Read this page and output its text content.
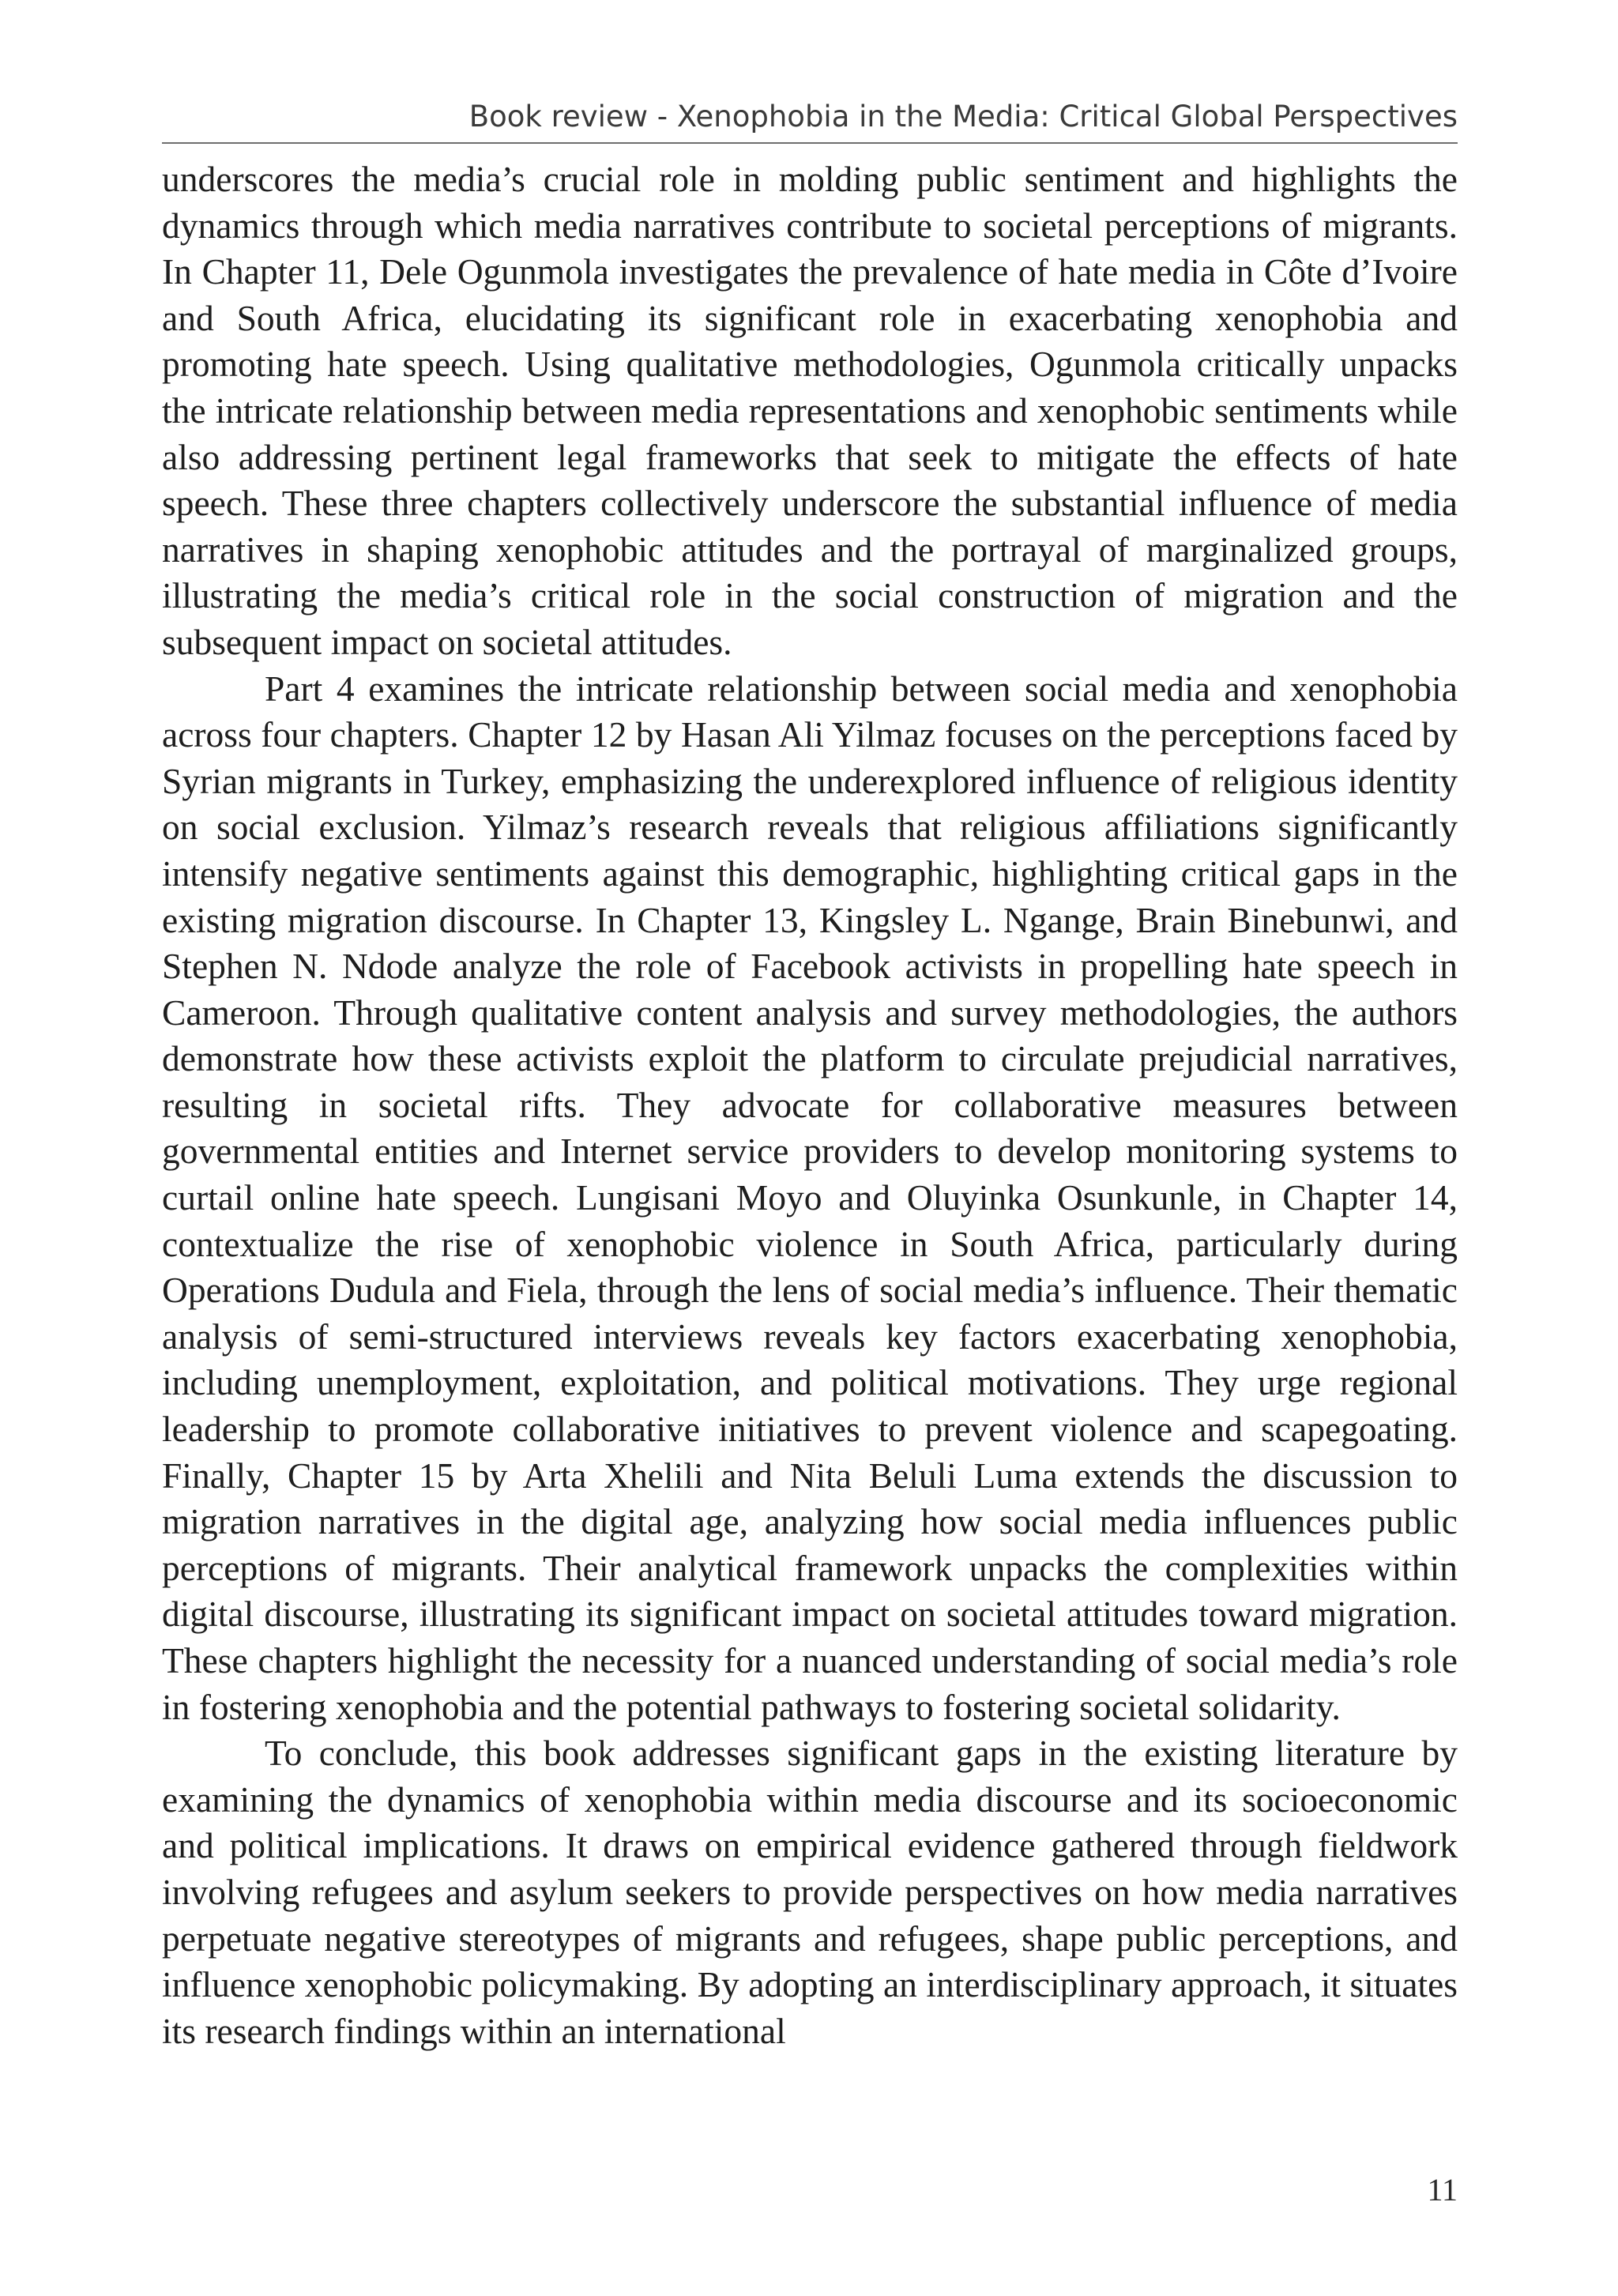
Book review - Xenophobia in the Media: Critical Global Perspectives

underscores the media’s crucial role in molding public sentiment and highlights the dynamics through which media narratives contribute to societal perceptions of migrants. In Chapter 11, Dele Ogunmola investigates the prevalence of hate media in Côte d’Ivoire and South Africa, elucidating its significant role in exacerbating xenophobia and promoting hate speech. Using qualitative methodologies, Ogunmola critically unpacks the intricate relationship between media representations and xenophobic sentiments while also addressing pertinent legal frameworks that seek to mitigate the effects of hate speech. These three chapters collectively underscore the substantial influence of media narratives in shaping xenophobic attitudes and the portrayal of marginalized groups, illustrating the media’s critical role in the social construction of migration and the subsequent impact on societal attitudes.

Part 4 examines the intricate relationship between social media and xenophobia across four chapters. Chapter 12 by Hasan Ali Yilmaz focuses on the perceptions faced by Syrian migrants in Turkey, emphasizing the underexplored influence of religious identity on social exclusion. Yilmaz’s research reveals that religious affiliations significantly intensify negative sentiments against this demographic, highlighting critical gaps in the existing migration discourse. In Chapter 13, Kingsley L. Ngange, Brain Binebunwi, and Stephen N. Ndode analyze the role of Facebook activists in propelling hate speech in Cameroon. Through qualitative content analysis and survey methodologies, the authors demonstrate how these activists exploit the platform to circulate prejudicial narratives, resulting in societal rifts. They advocate for collaborative measures between governmental entities and Internet service providers to develop monitoring systems to curtail online hate speech. Lungisani Moyo and Oluyinka Osunkunle, in Chapter 14, contextualize the rise of xenophobic violence in South Africa, particularly during Operations Dudula and Fiela, through the lens of social media’s influence. Their thematic analysis of semi-structured interviews reveals key factors exacerbating xenophobia, including unemployment, exploitation, and political motivations. They urge regional leadership to promote collaborative initiatives to prevent violence and scapegoating. Finally, Chapter 15 by Arta Xhelili and Nita Beluli Luma extends the discussion to migration narratives in the digital age, analyzing how social media influences public perceptions of migrants. Their analytical framework unpacks the complexities within digital discourse, illustrating its significant impact on societal attitudes toward migration. These chapters highlight the necessity for a nuanced understanding of social media’s role in fostering xenophobia and the potential pathways to fostering societal solidarity.

To conclude, this book addresses significant gaps in the existing literature by examining the dynamics of xenophobia within media discourse and its socioeconomic and political implications. It draws on empirical evidence gathered through fieldwork involving refugees and asylum seekers to provide perspectives on how media narratives perpetuate negative stereotypes of migrants and refugees, shape public perceptions, and influence xenophobic policymaking. By adopting an interdisciplinary approach, it situates its research findings within an international

11
